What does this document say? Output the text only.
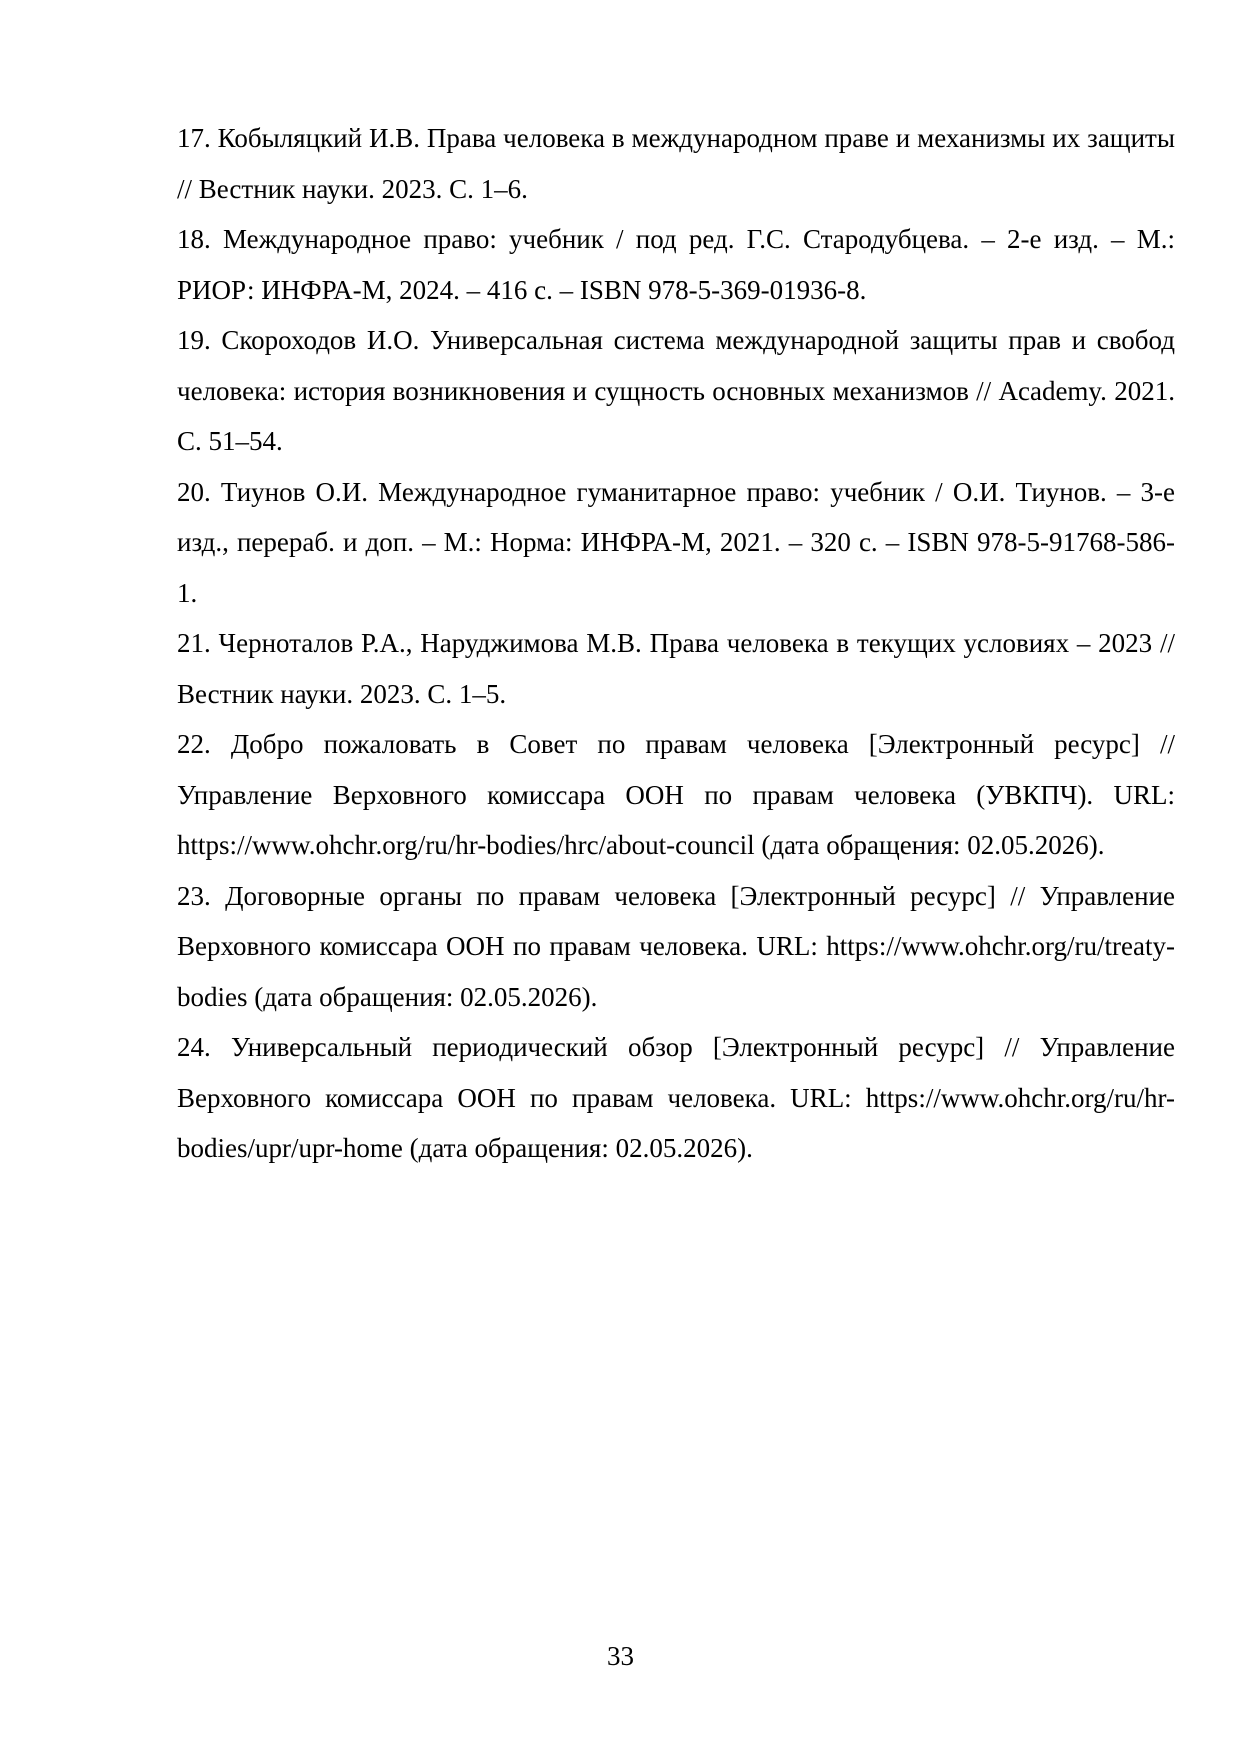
17. Кобыляцкий И.В. Права человека в международном праве и механизмы их защиты // Вестник науки. 2023. С. 1–6.
18. Международное право: учебник / под ред. Г.С. Стародубцева. – 2-е изд. – М.: РИОР: ИНФРА-М, 2024. – 416 с. – ISBN 978-5-369-01936-8.
19. Скороходов И.О. Универсальная система международной защиты прав и свобод человека: история возникновения и сущность основных механизмов // Academy. 2021. С. 51–54.
20. Тиунов О.И. Международное гуманитарное право: учебник / О.И. Тиунов. – 3-е изд., перераб. и доп. – М.: Норма: ИНФРА-М, 2021. – 320 с. – ISBN 978-5-91768-586-1.
21. Черноталов Р.А., Наруджимова М.В. Права человека в текущих условиях – 2023 // Вестник науки. 2023. С. 1–5.
22. Добро пожаловать в Совет по правам человека [Электронный ресурс] // Управление Верховного комиссара ООН по правам человека (УВКПЧ). URL: https://www.ohchr.org/ru/hr-bodies/hrc/about-council (дата обращения: 02.05.2026).
23. Договорные органы по правам человека [Электронный ресурс] // Управление Верховного комиссара ООН по правам человека. URL: https://www.ohchr.org/ru/treaty-bodies (дата обращения: 02.05.2026).
24. Универсальный периодический обзор [Электронный ресурс] // Управление Верховного комиссара ООН по правам человека. URL: https://www.ohchr.org/ru/hr-bodies/upr/upr-home (дата обращения: 02.05.2026).
33
